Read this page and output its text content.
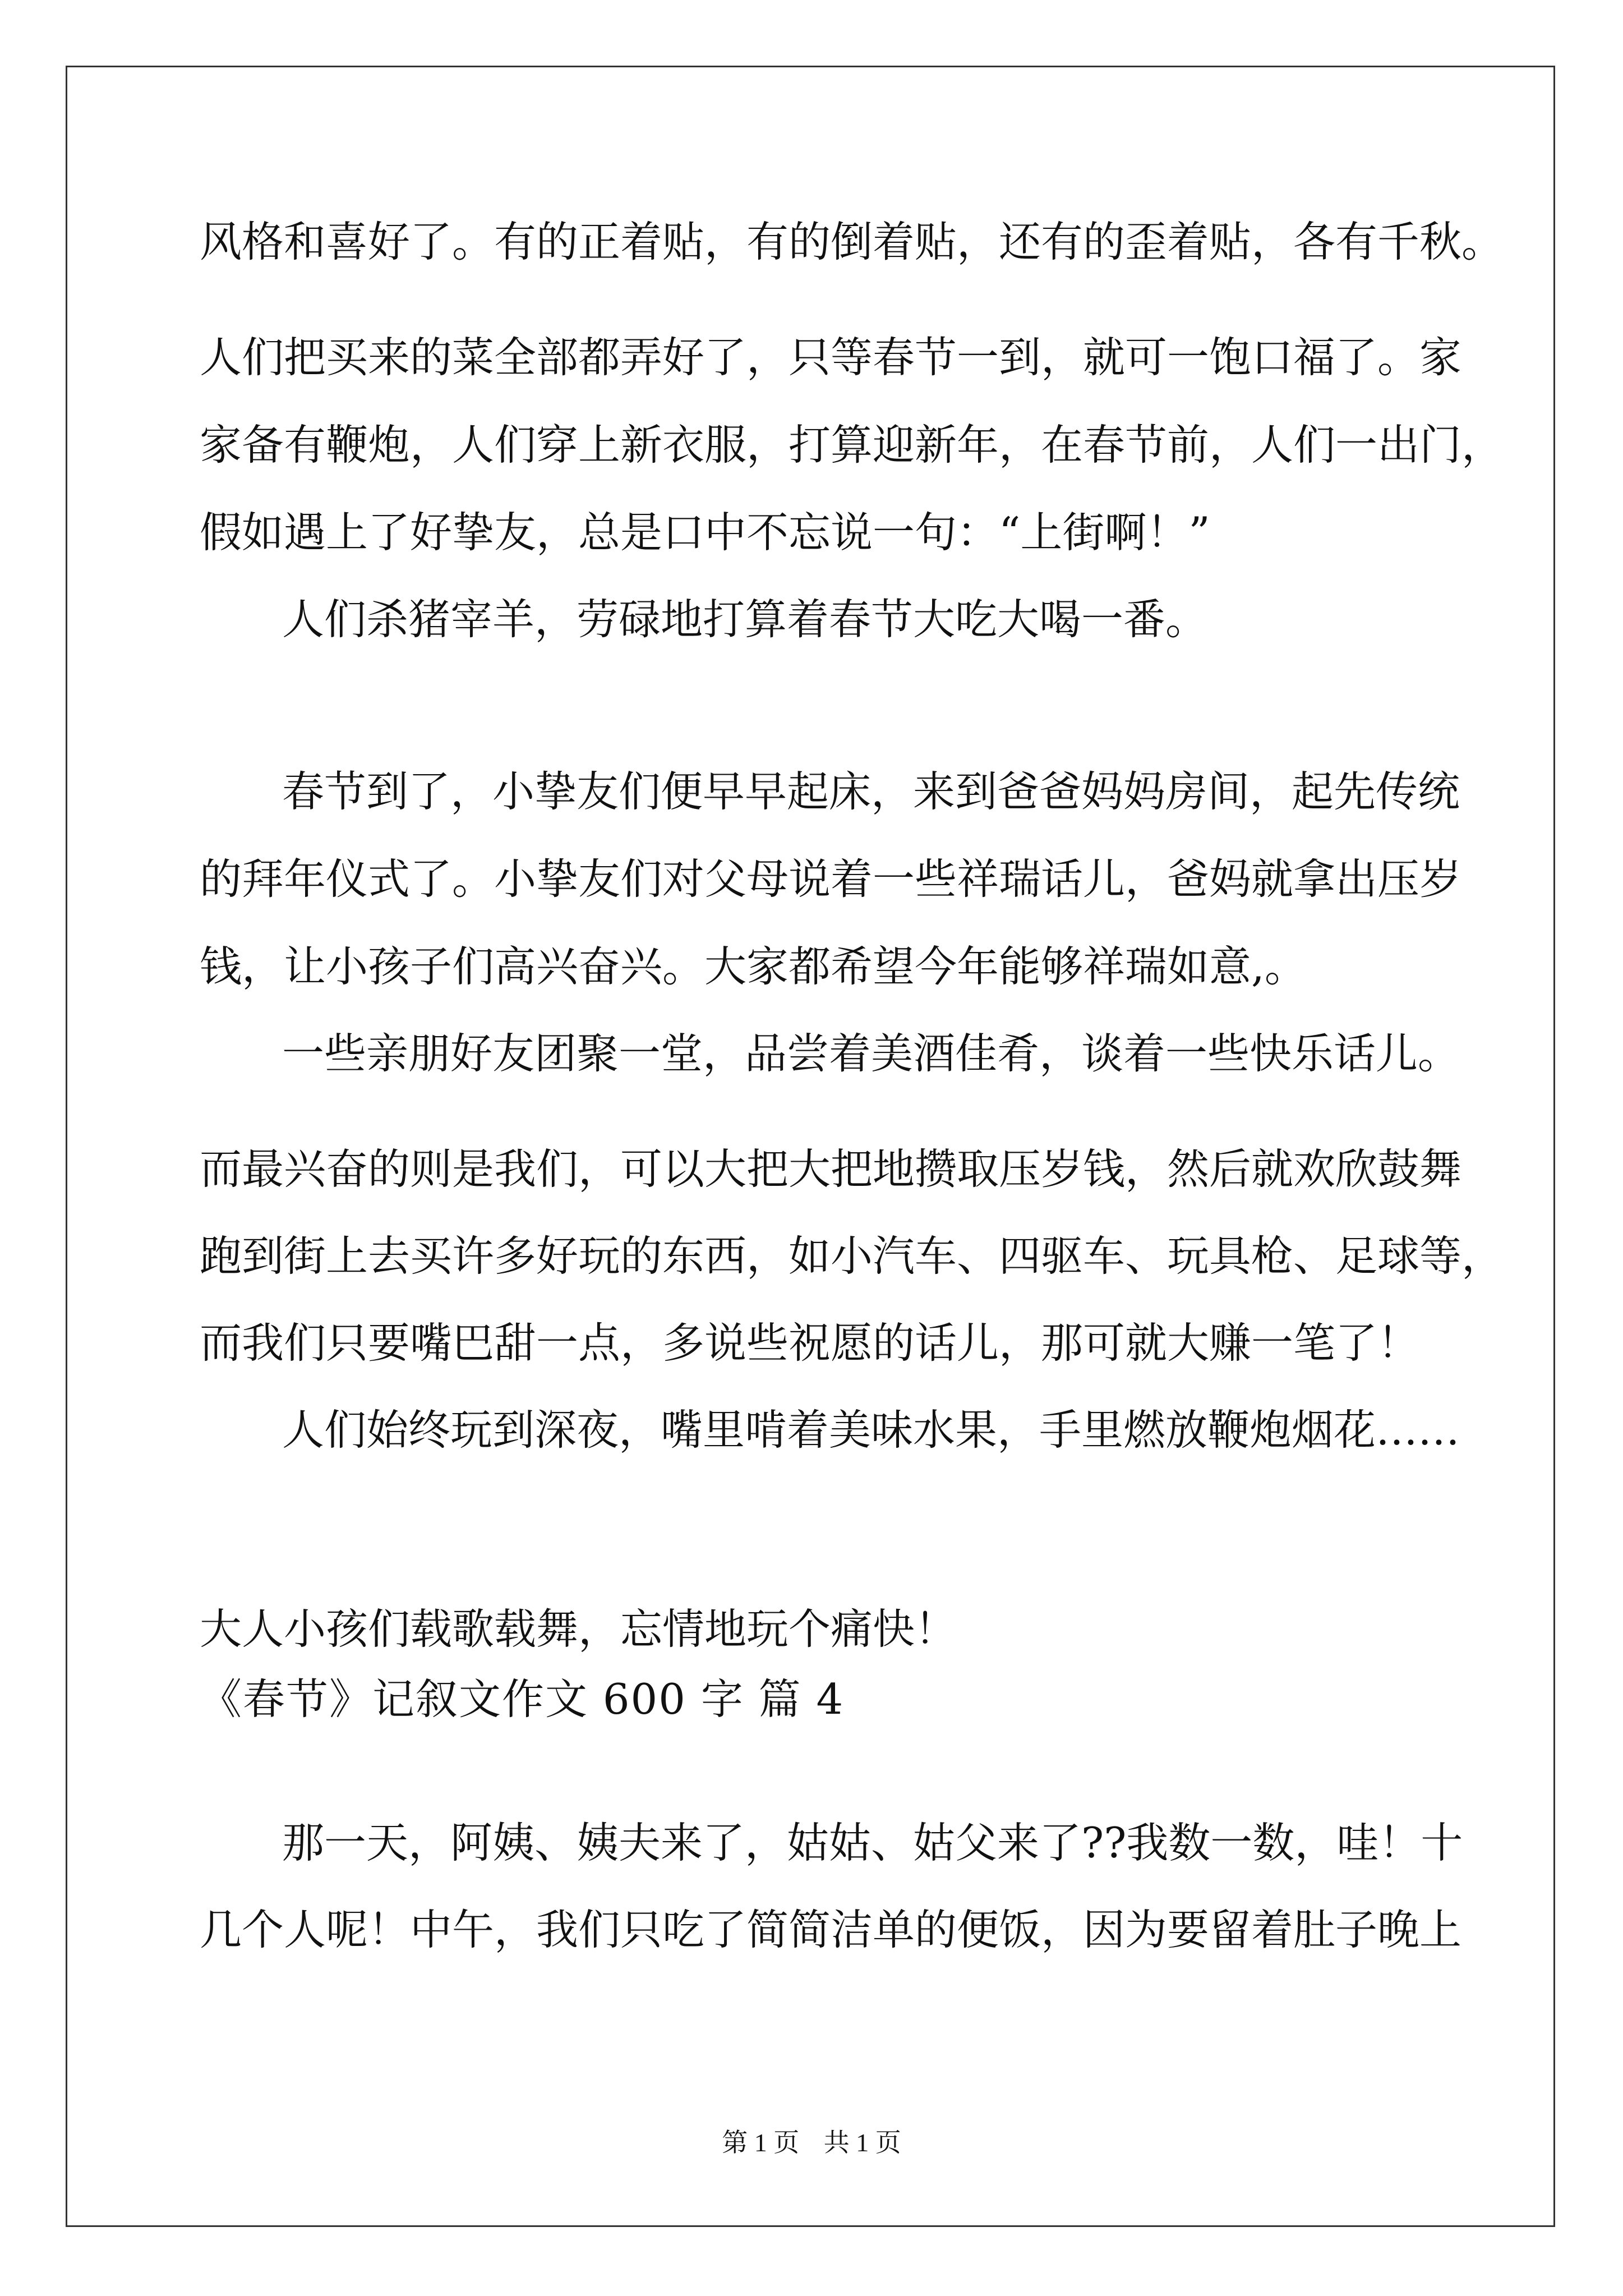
风格和喜好了。有的正着贴，有的倒着贴，还有的歪着贴，各有千秋。
人们把买来的菜全部都弄好了，只等春节一到，就可一饱口福了。家
家备有鞭炮，人们穿上新衣服，打算迎新年，在春节前，人们一出门，
假如遇上了好挚友，总是口中不忘说一句：“上街啊！”
人们杀猪宰羊，劳碌地打算着春节大吃大喝一番。
春节到了，小挚友们便早早起床，来到爸爸妈妈房间，起先传统
的拜年仪式了。小挚友们对父母说着一些祥瑞话儿，爸妈就拿出压岁
钱，让小孩子们高兴奋兴。大家都希望今年能够祥瑞如意,。
一些亲朋好友团聚一堂，品尝着美酒佳肴，谈着一些快乐话儿。
而最兴奋的则是我们，可以大把大把地攒取压岁钱，然后就欢欣鼓舞
跑到街上去买许多好玩的东西，如小汽车、四驱车、玩具枪、足球等，
而我们只要嘴巴甜一点，多说些祝愿的话儿，那可就大赚一笔了！
人们始终玩到深夜，嘴里啃着美味水果，手里燃放鞭炮烟花……
大人小孩们载歌载舞，忘情地玩个痛快！
《春节》记叙文作文 600 字 篇 4
那一天，阿姨、姨夫来了，姑姑、姑父来了??我数一数，哇！十
几个人呢！中午，我们只吃了简简洁单的便饭，因为要留着肚子晚上
第 1 页 共 1 页
